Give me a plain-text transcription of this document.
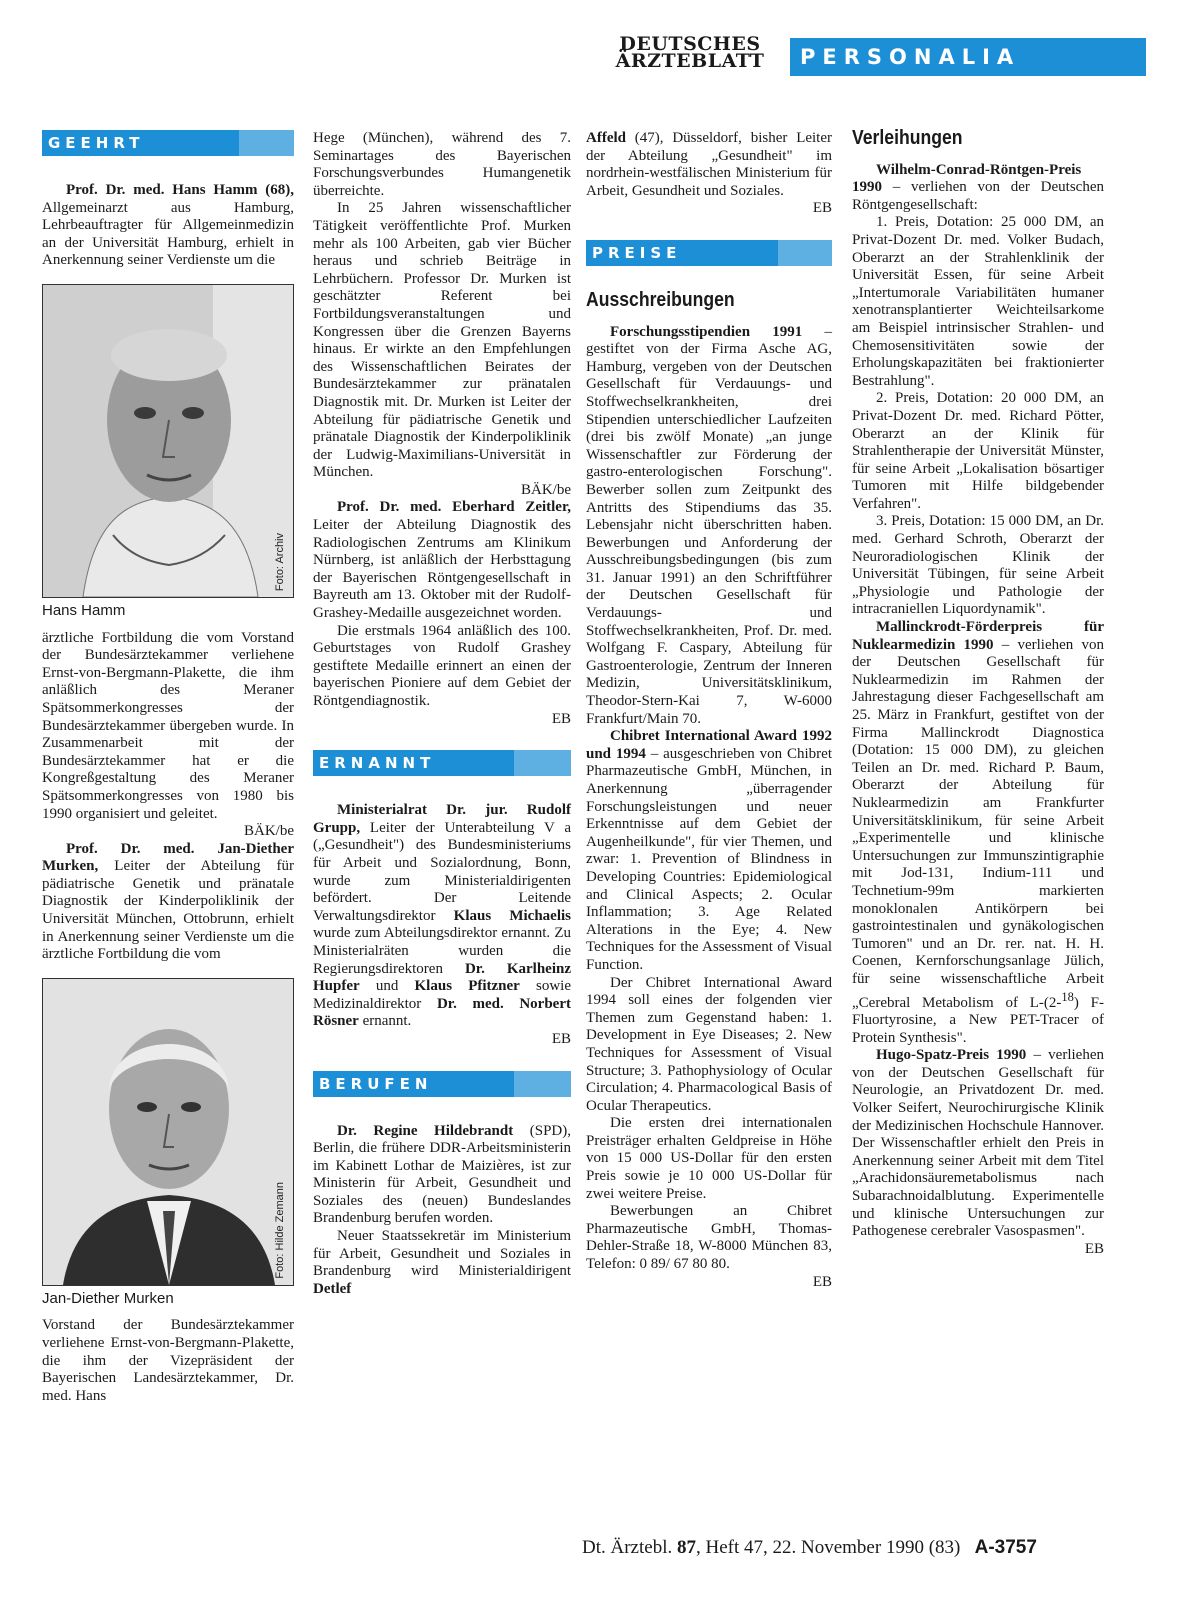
DEUTSCHES
ÄRZTEBLATT	PERSONALIA
GEEHRT

Prof. Dr. med. Hans Hamm (68), Allgemeinarzt aus Hamburg, Lehrbeauftragter für Allgemeinmedizin an der Universität Hamburg, erhielt in Anerkennung seiner Verdienste um die

Foto: Archiv
Hans Hamm

ärztliche Fortbildung die vom Vorstand der Bundesärztekammer verliehene Ernst-von-Bergmann-Plakette, die ihm anläßlich des Meraner Spätsommerkongresses der Bundesärztekammer übergeben wurde. In Zusammenarbeit mit der Bundesärztekammer hat er die Kongreßgestaltung des Meraner Spätsommerkongresses von 1980 bis 1990 organisiert und geleitet.

BÄK/be

Prof. Dr. med. Jan-Diether Murken, Leiter der Abteilung für pädiatrische Genetik und pränatale Diagnostik der Kinderpoliklinik der Universität München, Ottobrunn, erhielt in Anerkennung seiner Verdienste um die ärztliche Fortbildung die vom

Foto: Hilde Zemann
Jan-Diether Murken

Vorstand der Bundesärztekammer verliehene Ernst-von-Bergmann-Plakette, die ihm der Vizepräsident der Bayerischen Landesärztekammer, Dr. med. Hans

Hege (München), während des 7. Seminartages des Bayerischen Forschungsverbundes Humangenetik überreichte.

In 25 Jahren wissenschaftlicher Tätigkeit veröffentlichte Prof. Murken mehr als 100 Arbeiten, gab vier Bücher heraus und schrieb Beiträge in Lehrbüchern. Professor Dr. Murken ist geschätzter Referent bei Fortbildungsveranstaltungen und Kongressen über die Grenzen Bayerns hinaus. Er wirkte an den Empfehlungen des Wissenschaftlichen Beirates der Bundesärztekammer zur pränatalen Diagnostik mit. Dr. Murken ist Leiter der Abteilung für pädiatrische Genetik und pränatale Diagnostik der Kinderpoliklinik der Ludwig-Maximilians-Universität in München.

BÄK/be

Prof. Dr. med. Eberhard Zeitler, Leiter der Abteilung Diagnostik des Radiologischen Zentrums am Klinikum Nürnberg, ist anläßlich der Herbsttagung der Bayerischen Röntgengesellschaft in Bayreuth am 13. Oktober mit der Rudolf-Grashey-Medaille ausgezeichnet worden.

Die erstmals 1964 anläßlich des 100. Geburtstages von Rudolf Grashey gestiftete Medaille erinnert an einen der bayerischen Pioniere auf dem Gebiet der Röntgendiagnostik.

EB

ERNANNT

Ministerialrat Dr. jur. Rudolf Grupp, Leiter der Unterabteilung V a („Gesundheit") des Bundesministeriums für Arbeit und Sozialordnung, Bonn, wurde zum Ministerialdirigenten befördert. Der Leitende Verwaltungsdirektor Klaus Michaelis wurde zum Abteilungsdirektor ernannt. Zu Ministerialräten wurden die Regierungsdirektoren Dr. Karlheinz Hupfer und Klaus Pfitzner sowie Medizinaldirektor Dr. med. Norbert Rösner ernannt.

EB

BERUFEN

Dr. Regine Hildebrandt (SPD), Berlin, die frühere DDR-Arbeitsministerin im Kabinett Lothar de Maizières, ist zur Ministerin für Arbeit, Gesundheit und Soziales des (neuen) Bundeslandes Brandenburg berufen worden.

Neuer Staatssekretär im Ministerium für Arbeit, Gesundheit und Soziales in Brandenburg wird Ministerialdirigent Detlef

Affeld (47), Düsseldorf, bisher Leiter der Abteilung „Gesundheit" im nordrhein-westfälischen Ministerium für Arbeit, Gesundheit und Soziales.

EB

PREISE
Ausschreibungen

Forschungsstipendien 1991 – gestiftet von der Firma Asche AG, Hamburg, vergeben von der Deutschen Gesellschaft für Verdauungs- und Stoffwechselkrankheiten, drei Stipendien unterschiedlicher Laufzeiten (drei bis zwölf Monate) „an junge Wissenschaftler zur Förderung der gastro-enterologischen Forschung". Bewerber sollen zum Zeitpunkt des Antritts des Stipendiums das 35. Lebensjahr nicht überschritten haben. Bewerbungen und Anforderung der Ausschreibungsbedingungen (bis zum 31. Januar 1991) an den Schriftführer der Deutschen Gesellschaft für Verdauungs- und Stoffwechselkrankheiten, Prof. Dr. med. Wolfgang F. Caspary, Abteilung für Gastroenterologie, Zentrum der Inneren Medizin, Universitätsklinikum, Theodor-Stern-Kai 7, W-6000 Frankfurt/Main 70.

Chibret International Award 1992 und 1994 – ausgeschrieben von Chibret Pharmazeutische GmbH, München, in Anerkennung „überragender Forschungsleistungen und neuer Erkenntnisse auf dem Gebiet der Augenheilkunde", für vier Themen, und zwar: 1. Prevention of Blindness in Developing Countries: Epidemiological and Clinical Aspects; 2. Ocular Inflammation; 3. Age Related Alterations in the Eye; 4. New Techniques for the Assessment of Visual Function.

Der Chibret International Award 1994 soll eines der folgenden vier Themen zum Gegenstand haben: 1. Development in Eye Diseases; 2. New Techniques for Assessment of Visual Structure; 3. Pathophysiology of Ocular Circulation; 4. Pharmacological Basis of Ocular Therapeutics.

Die ersten drei internationalen Preisträger erhalten Geldpreise in Höhe von 15 000 US-Dollar für den ersten Preis sowie je 10 000 US-Dollar für zwei weitere Preise.

Bewerbungen an Chibret Pharmazeutische GmbH, Thomas-Dehler-Straße 18, W-8000 München 83, Telefon: 0 89/ 67 80 80.

EB

Verleihungen

Wilhelm-Conrad-Röntgen-Preis 1990 – verliehen von der Deutschen Röntgengesellschaft:

1. Preis, Dotation: 25 000 DM, an Privat-Dozent Dr. med. Volker Budach, Oberarzt an der Strahlenklinik der Universität Essen, für seine Arbeit „Intertumorale Variabilitäten humaner xenotransplantierter Weichteilsarkome am Beispiel intrinsischer Strahlen- und Chemosensitivitäten sowie der Erholungskapazitäten bei fraktionierter Bestrahlung".

2. Preis, Dotation: 20 000 DM, an Privat-Dozent Dr. med. Richard Pötter, Oberarzt an der Klinik für Strahlentherapie der Universität Münster, für seine Arbeit „Lokalisation bösartiger Tumoren mit Hilfe bildgebender Verfahren".

3. Preis, Dotation: 15 000 DM, an Dr. med. Gerhard Schroth, Oberarzt der Neuroradiologischen Klinik der Universität Tübingen, für seine Arbeit „Physiologie und Pathologie der intracraniellen Liquordynamik".

Mallinckrodt-Förderpreis für Nuklearmedizin 1990 – verliehen von der Deutschen Gesellschaft für Nuklearmedizin im Rahmen der Jahrestagung dieser Fachgesellschaft am 25. März in Frankfurt, gestiftet von der Firma Mallinckrodt Diagnostica (Dotation: 15 000 DM), zu gleichen Teilen an Dr. med. Richard P. Baum, Oberarzt der Abteilung für Nuklearmedizin am Frankfurter Universitätsklinikum, für seine Arbeit „Experimentelle und klinische Untersuchungen zur Immunszintigraphie mit Jod-131, Indium-111 und Technetium-99m markierten monoklonalen Antikörpern bei gastrointestinalen und gynäkologischen Tumoren" und an Dr. rer. nat. H. H. Coenen, Kernforschungsanlage Jülich, für seine wissenschaftliche Arbeit „Cerebral Metabolism of L-(2-$^{18}$) F-Fluortyrosine, a New PET-Tracer of Protein Synthesis".

Hugo-Spatz-Preis 1990 – verliehen von der Deutschen Gesellschaft für Neurologie, an Privatdozent Dr. med. Volker Seifert, Neurochirurgische Klinik der Medizinischen Hochschule Hannover. Der Wissenschaftler erhielt den Preis in Anerkennung seiner Arbeit mit dem Titel „Arachidonsäuremetabolismus nach Subarachnoidalblutung. Experimentelle und klinische Untersuchungen zur Pathogenese cerebraler Vasospasmen".

EB

Dt. Ärztebl. 87, Heft 47, 22. November 1990 (83) A-3757
